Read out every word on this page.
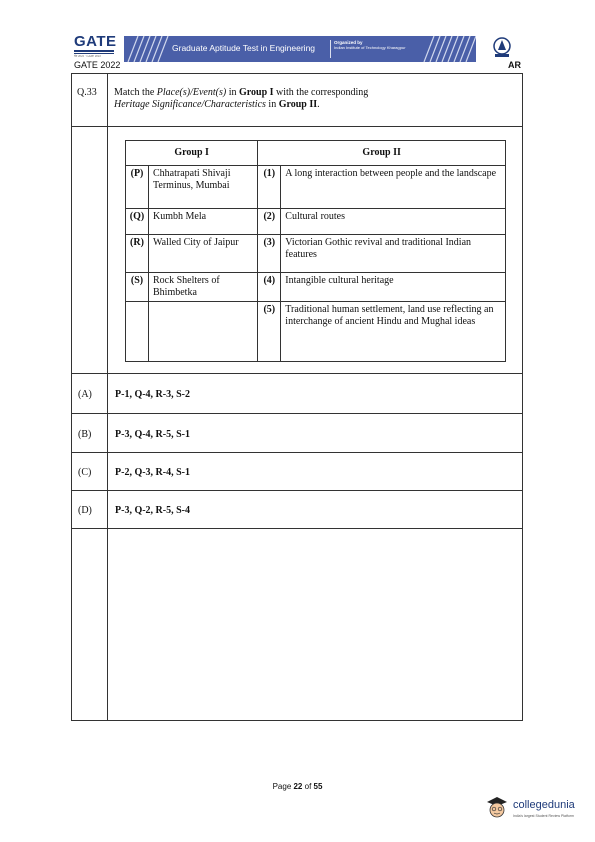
GATE
गेट 2022 · GATE 2022
Graduate Aptitude Test in Engineering
Organized by
Indian Institute of Technology Kharagpur
GATE 2022	AR
Q.33 Match the Place(s)/Event(s) in Group I with the corresponding
Heritage Significance/Characteristics in Group II.
Group I		Group II	
(P)	Chhatrapati Shivaji Terminus, Mumbai	(1)	A long interaction between people and the landscape
(Q)	Kumbh Mela	(2)	Cultural routes
(R)	Walled City of Jaipur	(3)	Victorian Gothic revival and traditional Indian features
(S)	Rock Shelters of Bhimbetka	(4)	Intangible cultural heritage
		(5)	Traditional human settlement, land use reflecting an interchange of ancient Hindu and Mughal ideas
(A) P-1, Q-4, R-3, S-2
(B) P-3, Q-4, R-5, S-1
(C) P-2, Q-3, R-4, S-1
(D) P-3, Q-2, R-5, S-4
Page 22 of 55
collegedunia
India's largest Student Review Platform
